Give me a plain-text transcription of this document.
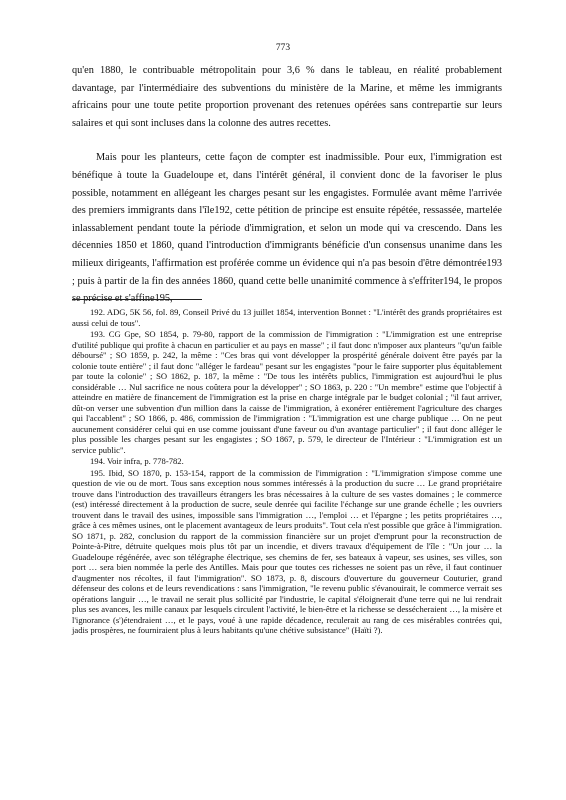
773

qu'en 1880, le contribuable métropolitain pour 3,6 % dans le tableau, en réalité probablement davantage, par l'intermédiaire des subventions du ministère de la Marine, et même les immigrants africains pour une toute petite proportion provenant des retenues opérées sans contrepartie sur leurs salaires et qui sont incluses dans la colonne des autres recettes.

Mais pour les planteurs, cette façon de compter est inadmissible. Pour eux, l'immigration est bénéfique à toute la Guadeloupe et, dans l'intérêt général, il convient donc de la favoriser le plus possible, notamment en allégeant les charges pesant sur les engagistes. Formulée avant même l'arrivée des premiers immigrants dans l'île192, cette pétition de principe est ensuite répétée, ressassée, martelée inlassablement pendant toute la période d'immigration, et selon un mode qui va crescendo. Dans les décennies 1850 et 1860, quand l'introduction d'immigrants bénéficie d'un consensus unanime dans les milieux dirigeants, l'affirmation est proférée comme un évidence qui n'a pas besoin d'être démontrée193 ; puis à partir de la fin des années 1860, quand cette belle unanimité commence à s'effriter194, le propos se précise et s'affine195,

192. ADG, 5K 56, fol. 89, Conseil Privé du 13 juillet 1854, intervention Bonnet : "L'intérêt des grands propriétaires est aussi celui de tous".

193. CG Gpe, SO 1854, p. 79-80, rapport de la commission de l'immigration : "L'immigration est une entreprise d'utilité publique qui profite à chacun en particulier et au pays en masse" ; il faut donc n'imposer aux planteurs "qu'un faible déboursé" ; SO 1859, p. 242, la même : "Ces bras qui vont développer la prospérité générale doivent être payés par la colonie toute entière" ; il faut donc "alléger le fardeau" pesant sur les engagistes "pour le faire supporter plus équitablement par toute la colonie" ; SO 1862, p. 187, la même : "De tous les intérêts publics, l'immigration est aujourd'hui le plus considérable … Nul sacrifice ne nous coûtera pour la développer" ; SO 1863, p. 220 : "Un membre" estime que l'objectif à atteindre en matière de financement de l'immigration est la prise en charge intégrale par le budget colonial ; "il faut arriver, dût-on verser une subvention d'un million dans la caisse de l'immigration, à exonérer entièrement l'agriculture des charges qui l'accablent" ; SO 1866, p. 486, commission de l'immigration : "L'immigration est une charge publique … On ne peut aucunement considérer celui qui en use comme jouissant d'une faveur ou d'un avantage particulier" ; il faut donc alléger le plus possible les charges pesant sur les engagistes ; SO 1867, p. 579, le directeur de l'Intérieur : "L'immigration est un service public".

194. Voir infra, p. 778-782.

195. Ibid, SO 1870, p. 153-154, rapport de la commission de l'immigration : "L'immigration s'impose comme une question de vie ou de mort. Tous sans exception nous sommes intéressés à la production du sucre … Le grand propriétaire trouve dans l'introduction des travailleurs étrangers les bras nécessaires à la culture de ses vastes domaines ; le commerce (est) intéressé directement à la production de sucre, seule denrée qui facilite l'échange sur une grande échelle ; les ouvriers trouvent dans le travail des usines, impossible sans l'immigration …, l'emploi … et l'épargne ; les petits propriétaires …, grâce à ces mêmes usines, ont le placement avantageux de leurs produits". Tout cela n'est possible que grâce à l'immigration. SO 1871, p. 282, conclusion du rapport de la commission financière sur un projet d'emprunt pour la reconstruction de Pointe-à-Pitre, détruite quelques mois plus tôt par un incendie, et divers travaux d'équipement de l'île : "Un jour … la Guadeloupe régénérée, avec son télégraphe électrique, ses chemins de fer, ses bateaux à vapeur, ses usines, ses villes, son port … sera bien nommée la perle des Antilles. Mais pour que toutes ces richesses ne soient pas un rêve, il faut continuer d'augmenter nos récoltes, il faut l'immigration". SO 1873, p. 8, discours d'ouverture du gouverneur Couturier, grand défenseur des colons et de leurs revendications : sans l'immigration, "le revenu public s'évanouirait, le commerce verrait ses opérations languir …, le travail ne serait plus sollicité par l'industrie, le capital s'éloignerait d'une terre qui ne lui rendrait plus ses avances, les mille canaux par lesquels circulent l'activité, le bien-être et la richesse se dessécheraient …, la misère et l'ignorance (s')étendraient …, et le pays, voué à une rapide décadence, reculerait au rang de ces misérables contrées qui, jadis prospères, ne fourniraient plus à leurs habitants qu'une chétive subsistance" (Haïti ?).
